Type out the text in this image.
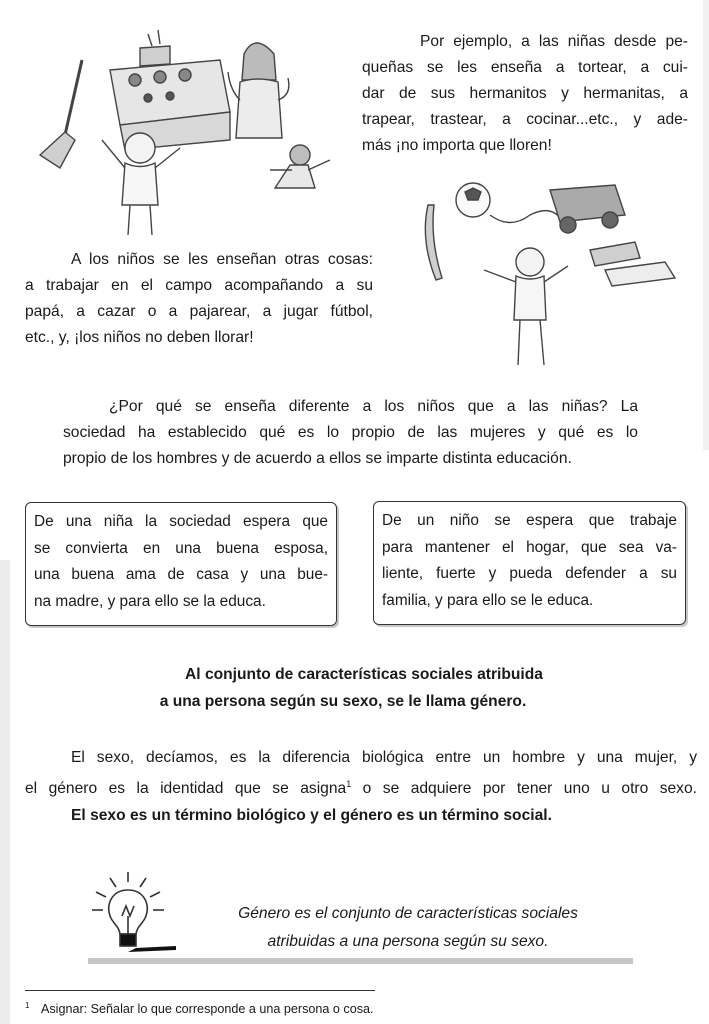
Por ejemplo, a las niñas desde pe-

queñas se les enseña a tortear, a cui-

dar de sus hermanitos y hermanitas, a

trapear, trastear, a cocinar...etc., y ade-

más ¡no importa que lloren!

A los niños se les enseñan otras cosas:

a trabajar en el campo acompañando a su

papá, a cazar o a pajarear, a jugar fútbol,

etc., y, ¡los niños no deben llorar!

¿Por qué se enseña diferente a los niños que a las niñas? La

sociedad ha establecido qué es lo propio de las mujeres y qué es lo

propio de los hombres y de acuerdo a ellos se imparte distinta educación.

De una niña la sociedad espera que
se convierta en una buena esposa,
una buena ama de casa y una bue-
na madre, y para ello se la educa.
De un niño se espera que trabaje
para mantener el hogar, que sea va-
liente, fuerte y pueda defender a su
familia, y para ello se le educa.
Al conjunto de características sociales atribuida
a una persona según su sexo, se le llama género.
El sexo, decíamos, es la diferencia biológica entre un hombre y una mujer, y
el género es la identidad que se asigna$^1$ o se adquiere por tener uno u otro sexo.
El sexo es un término biológico y el género es un término social.
Género es el conjunto de características sociales
atribuidas a una persona según su sexo.
$^1$ Asignar: Señalar lo que corresponde a una persona o cosa.
